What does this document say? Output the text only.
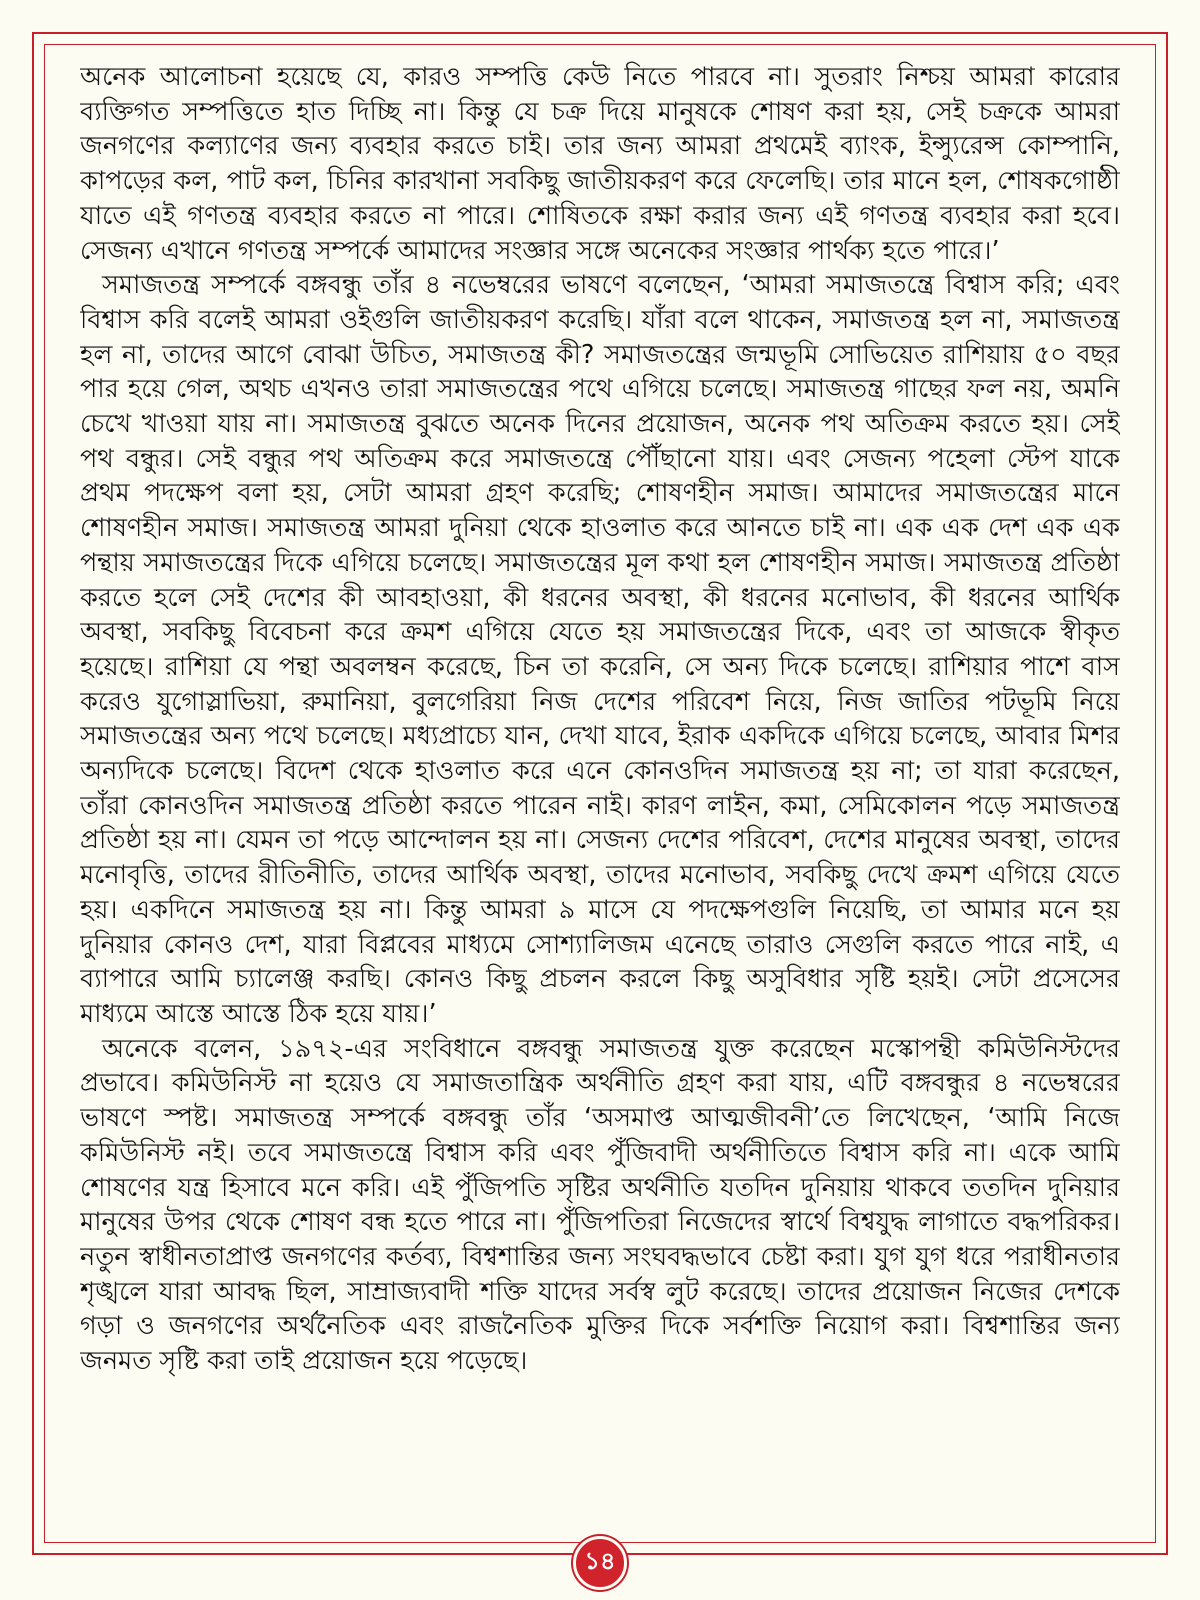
অনেক আলোচনা হয়েছে যে, কারও সম্পত্তি কেউ নিতে পারবে না। সুতরাং নিশ্চয় আমরা কারোর ব্যক্তিগত সম্পত্তিতে হাত দিচ্ছি না। কিন্তু যে চক্র দিয়ে মানুষকে শোষণ করা হয়, সেই চক্রকে আমরা জনগণের কল্যাণের জন্য ব্যবহার করতে চাই। তার জন্য আমরা প্রথমেই ব্যাংক, ইন্স্যুরেন্স কোম্পানি, কাপড়ের কল, পাট কল, চিনির কারখানা সবকিছু জাতীয়করণ করে ফেলেছি। তার মানে হল, শোষকগোষ্ঠী যাতে এই গণতন্ত্র ব্যবহার করতে না পারে। শোষিতকে রক্ষা করার জন্য এই গণতন্ত্র ব্যবহার করা হবে। সেজন্য এখানে গণতন্ত্র সম্পর্কে আমাদের সংজ্ঞার সঙ্গে অনেকের সংজ্ঞার পার্থক্য হতে পারে।’

সমাজতন্ত্র সম্পর্কে বঙ্গবন্ধু তাঁর ৪ নভেম্বরের ভাষণে বলেছেন, ‘আমরা সমাজতন্ত্রে বিশ্বাস করি; এবং বিশ্বাস করি বলেই আমরা ওইগুলি জাতীয়করণ করেছি। যাঁরা বলে থাকেন, সমাজতন্ত্র হল না, সমাজতন্ত্র হল না, তাদের আগে বোঝা উচিত, সমাজতন্ত্র কী? সমাজতন্ত্রের জন্মভূমি সোভিয়েত রাশিয়ায় ৫০ বছর পার হয়ে গেল, অথচ এখনও তারা সমাজতন্ত্রের পথে এগিয়ে চলেছে। সমাজতন্ত্র গাছের ফল নয়, অমনি চেখে খাওয়া যায় না। সমাজতন্ত্র বুঝতে অনেক দিনের প্রয়োজন, অনেক পথ অতিক্রম করতে হয়। সেই পথ বন্ধুর। সেই বন্ধুর পথ অতিক্রম করে সমাজতন্ত্রে পৌঁছানো যায়। এবং সেজন্য পহেলা স্টেপ যাকে প্রথম পদক্ষেপ বলা হয়, সেটা আমরা গ্রহণ করেছি; শোষণহীন সমাজ। আমাদের সমাজতন্ত্রের মানে শোষণহীন সমাজ। সমাজতন্ত্র আমরা দুনিয়া থেকে হাওলাত করে আনতে চাই না। এক এক দেশ এক এক পন্থায় সমাজতন্ত্রের দিকে এগিয়ে চলেছে। সমাজতন্ত্রের মূল কথা হল শোষণহীন সমাজ। সমাজতন্ত্র প্রতিষ্ঠা করতে হলে সেই দেশের কী আবহাওয়া, কী ধরনের অবস্থা, কী ধরনের মনোভাব, কী ধরনের আর্থিক অবস্থা, সবকিছু বিবেচনা করে ক্রমশ এগিয়ে যেতে হয় সমাজতন্ত্রের দিকে, এবং তা আজকে স্বীকৃত হয়েছে। রাশিয়া যে পন্থা অবলম্বন করেছে, চিন তা করেনি, সে অন্য দিকে চলেছে। রাশিয়ার পাশে বাস করেও যুগোস্লাভিয়া, রুমানিয়া, বুলগেরিয়া নিজ দেশের পরিবেশ নিয়ে, নিজ জাতির পটভূমি নিয়ে সমাজতন্ত্রের অন্য পথে চলেছে। মধ্যপ্রাচ্যে যান, দেখা যাবে, ইরাক একদিকে এগিয়ে চলেছে, আবার মিশর অন্যদিকে চলেছে। বিদেশ থেকে হাওলাত করে এনে কোনওদিন সমাজতন্ত্র হয় না; তা যারা করেছেন, তাঁরা কোনওদিন সমাজতন্ত্র প্রতিষ্ঠা করতে পারেন নাই। কারণ লাইন, কমা, সেমিকোলন পড়ে সমাজতন্ত্র প্রতিষ্ঠা হয় না। যেমন তা পড়ে আন্দোলন হয় না। সেজন্য দেশের পরিবেশ, দেশের মানুষের অবস্থা, তাদের মনোবৃত্তি, তাদের রীতিনীতি, তাদের আর্থিক অবস্থা, তাদের মনোভাব, সবকিছু দেখে ক্রমশ এগিয়ে যেতে হয়। একদিনে সমাজতন্ত্র হয় না। কিন্তু আমরা ৯ মাসে যে পদক্ষেপগুলি নিয়েছি, তা আমার মনে হয় দুনিয়ার কোনও দেশ, যারা বিপ্লবের মাধ্যমে সোশ্যালিজম এনেছে তারাও সেগুলি করতে পারে নাই, এ ব্যাপারে আমি চ্যালেঞ্জ করছি। কোনও কিছু প্রচলন করলে কিছু অসুবিধার সৃষ্টি হয়ই। সেটা প্রসেসের মাধ্যমে আস্তে আস্তে ঠিক হয়ে যায়।’

অনেকে বলেন, ১৯৭২-এর সংবিধানে বঙ্গবন্ধু সমাজতন্ত্র যুক্ত করেছেন মস্কোপন্থী কমিউনিস্টদের প্রভাবে। কমিউনিস্ট না হয়েও যে সমাজতান্ত্রিক অর্থনীতি গ্রহণ করা যায়, এটি বঙ্গবন্ধুর ৪ নভেম্বরের ভাষণে স্পষ্ট। সমাজতন্ত্র সম্পর্কে বঙ্গবন্ধু তাঁর ‘অসমাপ্ত আত্মজীবনী’তে লিখেছেন, ‘আমি নিজে কমিউনিস্ট নই। তবে সমাজতন্ত্রে বিশ্বাস করি এবং পুঁজিবাদী অর্থনীতিতে বিশ্বাস করি না। একে আমি শোষণের যন্ত্র হিসাবে মনে করি। এই পুঁজিপতি সৃষ্টির অর্থনীতি যতদিন দুনিয়ায় থাকবে ততদিন দুনিয়ার মানুষের উপর থেকে শোষণ বন্ধ হতে পারে না। পুঁজিপতিরা নিজেদের স্বার্থে বিশ্বযুদ্ধ লাগাতে বদ্ধপরিকর। নতুন স্বাধীনতাপ্রাপ্ত জনগণের কর্তব্য, বিশ্বশান্তির জন্য সংঘবদ্ধভাবে চেষ্টা করা। যুগ যুগ ধরে পরাধীনতার শৃঙ্খলে যারা আবদ্ধ ছিল, সাম্রাজ্যবাদী শক্তি যাদের সর্বস্ব লুট করেছে। তাদের প্রয়োজন নিজের দেশকে গড়া ও জনগণের অর্থনৈতিক এবং রাজনৈতিক মুক্তির দিকে সর্বশক্তি নিয়োগ করা। বিশ্বশান্তির জন্য জনমত সৃষ্টি করা তাই প্রয়োজন হয়ে পড়েছে।

১৪
